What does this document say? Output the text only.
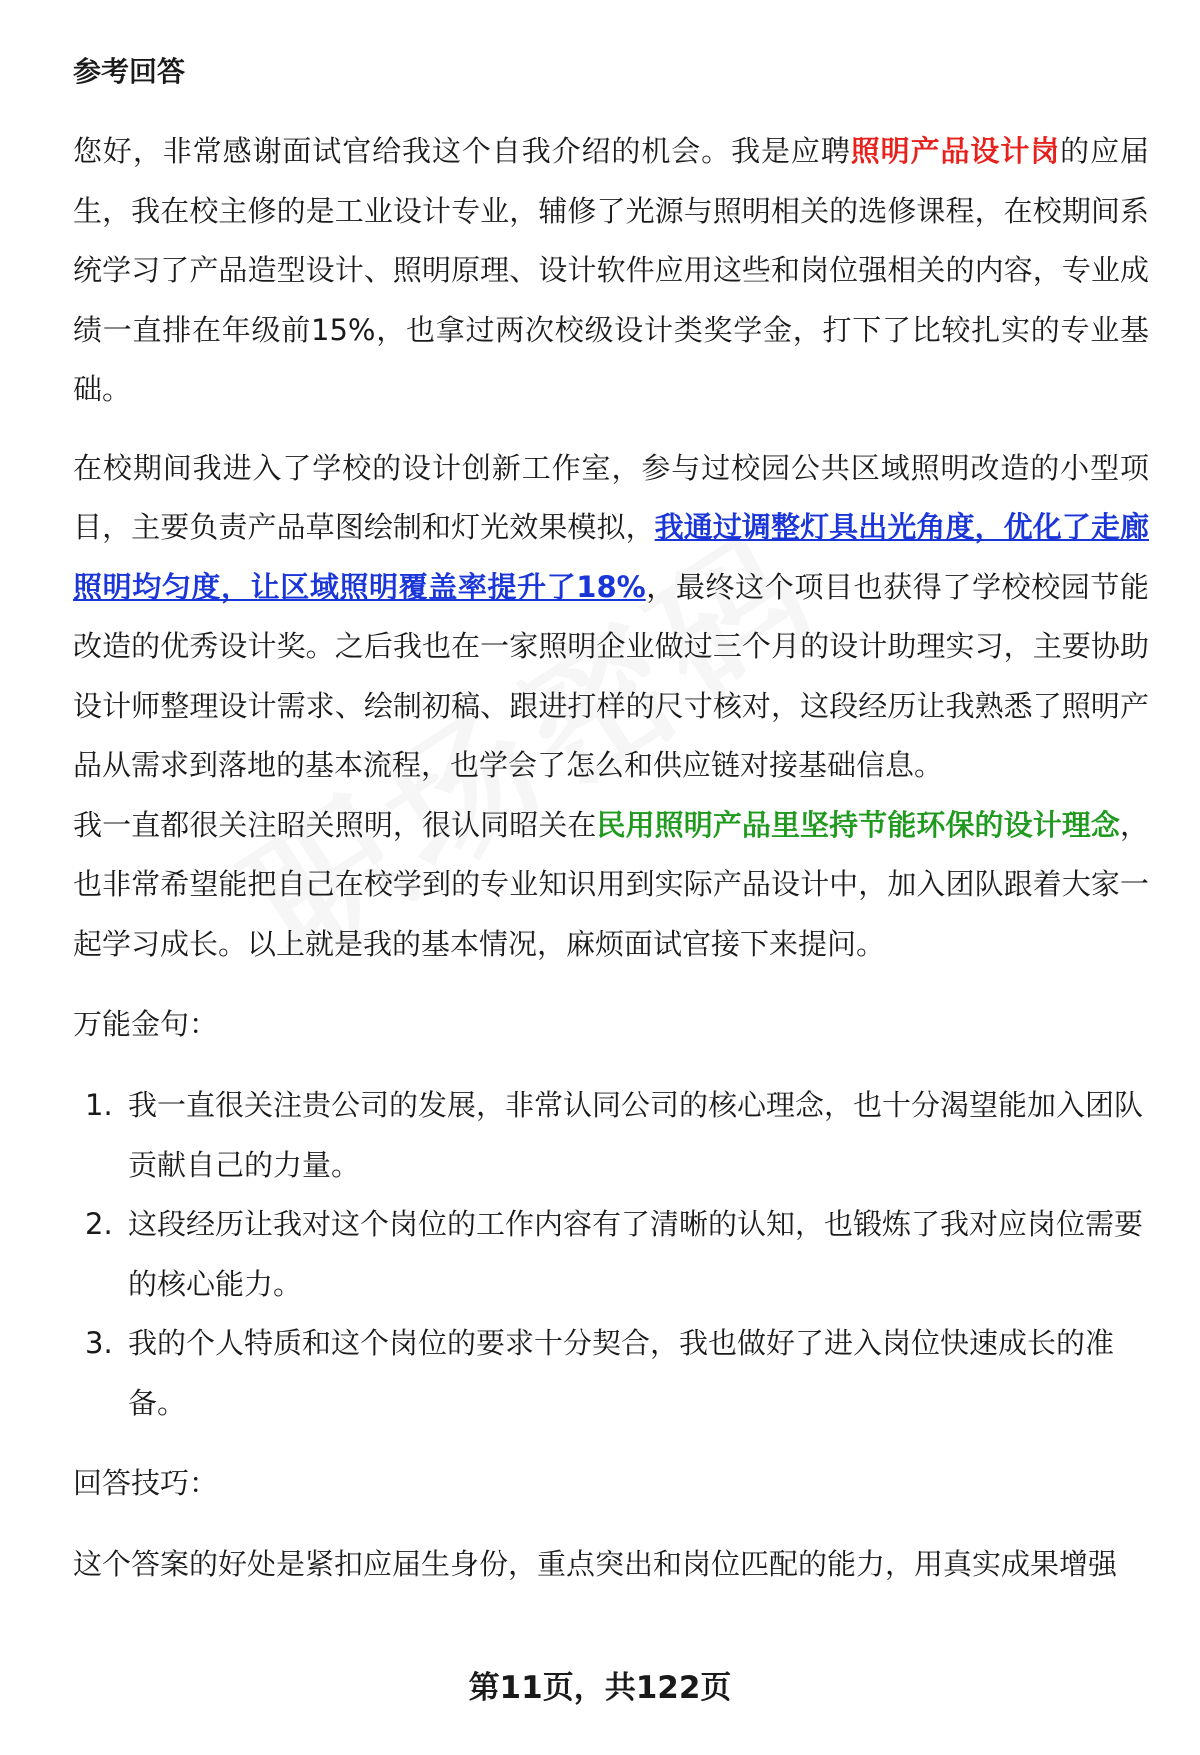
参考回答

您好，非常感谢面试官给我这个自我介绍的机会。我是应聘照明产品设计岗的应届生，我在校主修的是工业设计专业，辅修了光源与照明相关的选修课程，在校期间系统学习了产品造型设计、照明原理、设计软件应用这些和岗位强相关的内容，专业成绩一直排在年级前15%，也拿过两次校级设计类奖学金，打下了比较扎实的专业基础。

在校期间我进入了学校的设计创新工作室，参与过校园公共区域照明改造的小型项目，主要负责产品草图绘制和灯光效果模拟，我通过调整灯具出光角度，优化了走廊照明均匀度，让区域照明覆盖率提升了18%，最终这个项目也获得了学校校园节能改造的优秀设计奖。之后我也在一家照明企业做过三个月的设计助理实习，主要协助设计师整理设计需求、绘制初稿、跟进打样的尺寸核对，这段经历让我熟悉了照明产品从需求到落地的基本流程，也学会了怎么和供应链对接基础信息。

我一直都很关注昭关照明，很认同昭关在民用照明产品里坚持节能环保的设计理念，也非常希望能把自己在校学到的专业知识用到实际产品设计中，加入团队跟着大家一起学习成长。以上就是我的基本情况，麻烦面试官接下来提问。

万能金句：
1. 我一直很关注贵公司的发展，非常认同公司的核心理念，也十分渴望能加入团队贡献自己的力量。
2. 这段经历让我对这个岗位的工作内容有了清晰的认知，也锻炼了我对应岗位需要的核心能力。
3. 我的个人特质和这个岗位的要求十分契合，我也做好了进入岗位快速成长的准备。
回答技巧：

这个答案的好处是紧扣应届生身份，重点突出和岗位匹配的能力，用真实成果增强

第11页，共122页
